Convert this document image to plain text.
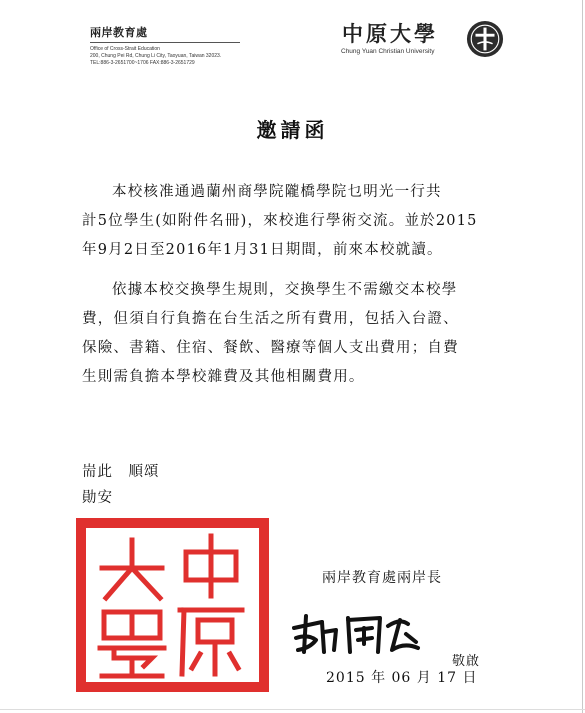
兩岸教育處
Office of Cross-Strait Education
200, Chung Pei Rd, Chung Li City, Taoyuan, Taiwan 32023.
TEL:886-3-2651700~1706 FAX:886-3-2651729
中原大學
Chung Yuan Christian University
邀請函
本校核准通過蘭州商學院隴橋學院乜明光一行共
計5位學生(如附件名冊)，來校進行學術交流。並於2015
年9月2日至2016年1月31日期間，前來本校就讀。
依據本校交換學生規則，交換學生不需繳交本校學
費，但須自行負擔在台生活之所有費用，包括入台證、
保險、書籍、住宿、餐飲、醫療等個人支出費用；自費
生則需負擔本學校雜費及其他相關費用。
耑此　順頌
勛安
兩岸教育處兩岸長
敬啟
2015 年 06 月 17 日
